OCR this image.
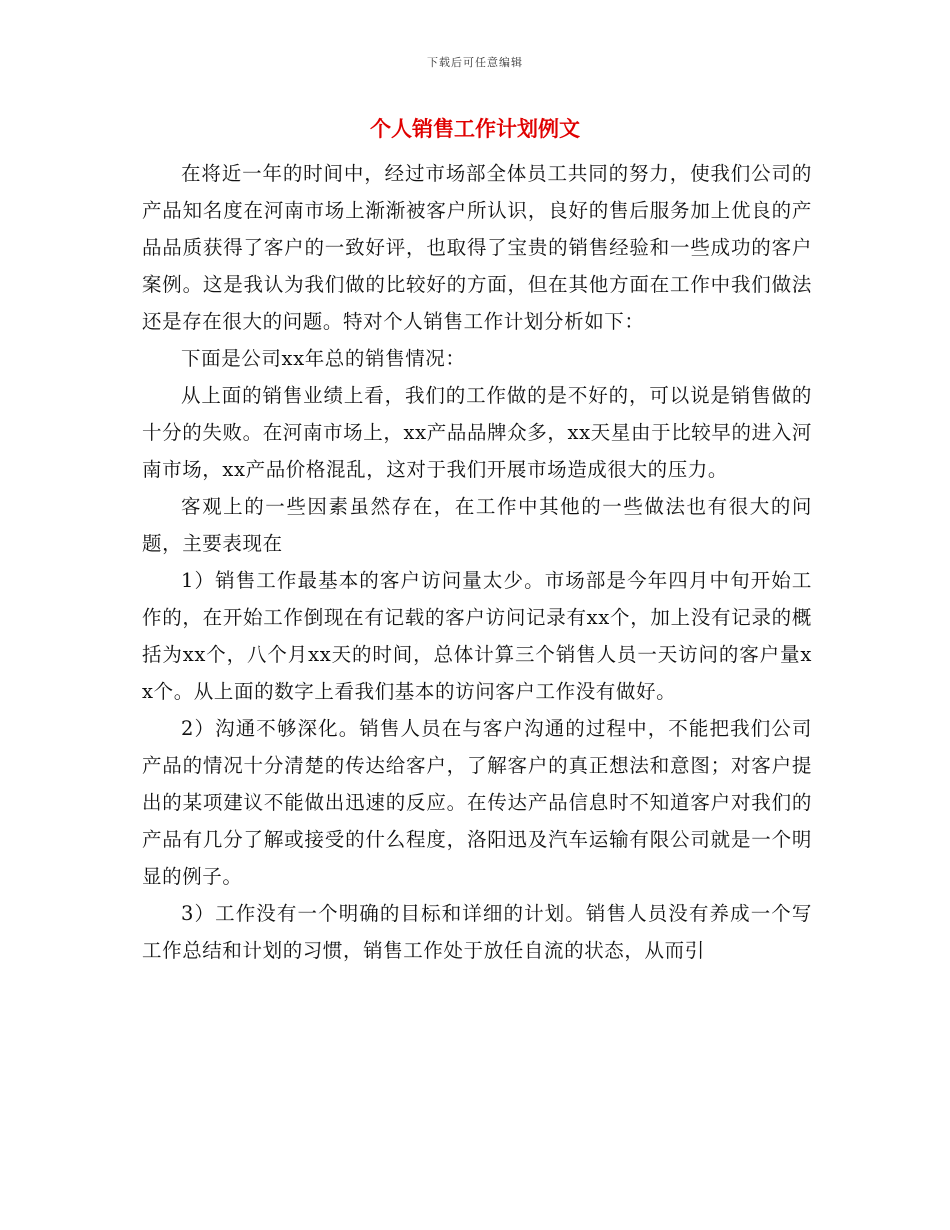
下载后可任意编辑
个人销售工作计划例文

在将近一年的时间中，经过市场部全体员工共同的努力，使我们公司的产品知名度在河南市场上渐渐被客户所认识，良好的售后服务加上优良的产品品质获得了客户的一致好评，也取得了宝贵的销售经验和一些成功的客户案例。这是我认为我们做的比较好的方面，但在其他方面在工作中我们做法还是存在很大的问题。特对个人销售工作计划分析如下：

下面是公司xx年总的销售情况：

从上面的销售业绩上看，我们的工作做的是不好的，可以说是销售做的十分的失败。在河南市场上，xx产品品牌众多，xx天星由于比较早的进入河南市场，xx产品价格混乱，这对于我们开展市场造成很大的压力。

客观上的一些因素虽然存在，在工作中其他的一些做法也有很大的问题，主要表现在

1）销售工作最基本的客户访问量太少。市场部是今年四月中旬开始工作的，在开始工作倒现在有记载的客户访问记录有xx个，加上没有记录的概括为xx个，八个月xx天的时间，总体计算三个销售人员一天访问的客户量xx个。从上面的数字上看我们基本的访问客户工作没有做好。

2）沟通不够深化。销售人员在与客户沟通的过程中，不能把我们公司产品的情况十分清楚的传达给客户，了解客户的真正想法和意图；对客户提出的某项建议不能做出迅速的反应。在传达产品信息时不知道客户对我们的产品有几分了解或接受的什么程度，洛阳迅及汽车运输有限公司就是一个明显的例子。

3）工作没有一个明确的目标和详细的计划。销售人员没有养成一个写工作总结和计划的习惯，销售工作处于放任自流的状态，从而引
